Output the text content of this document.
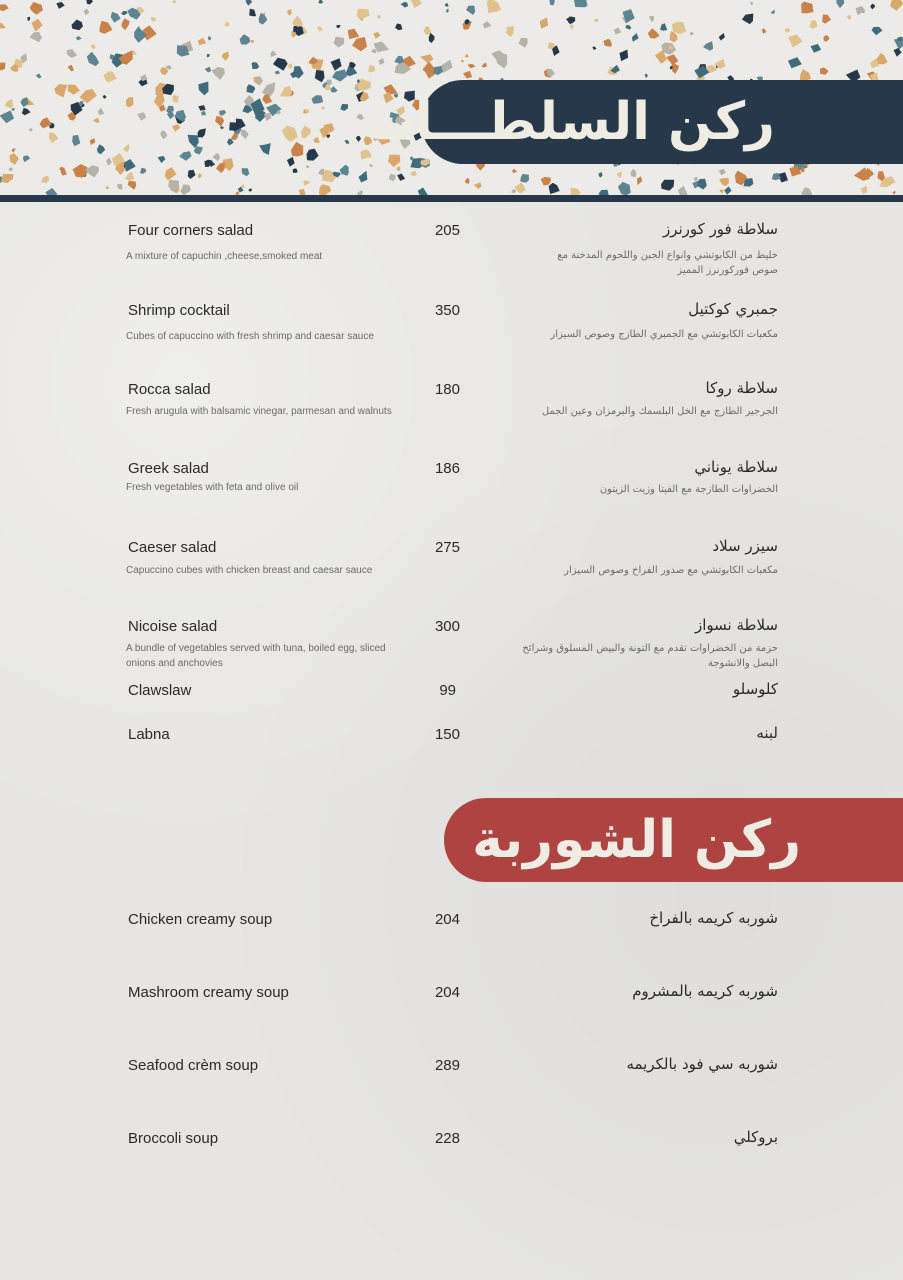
ركن السلطـــات
Four corners salad	205	سلاطة فور كورنرز
A mixture of capuchin ,cheese,smoked meat	خليط من الكابوتشي وانواع الجبن واللحوم المدخنة مع صوص فوركورنرز المميز
Shrimp cocktail	350	جمبري كوكتيل
Cubes of capuccino with fresh shrimp and caesar sauce	مكعبات الكابوتشي مع الجمبري الطازج وصوص السيزار
Rocca salad	180	سلاطة روكا
Fresh arugula with balsamic vinegar, parmesan and walnuts	الجرجير الطازج مع الخل البلسمك والبرمزان وعين الجمل
Greek salad	186	سلاطة يوناني
Fresh vegetables with feta and olive oil	الخضراوات الطازجة مع الفيتا وزيت الزيتون
Caeser salad	275	سيزر سلاد
Capuccino cubes with chicken breast and caesar sauce	مكعبات الكابوتشي مع صدور الفراخ وصوص السيزار
Nicoise salad	300	سلاطة نسواز
A bundle of vegetables served with tuna, boiled egg, sliced onions and anchovies
حزمة من الخضراوات تقدم مع التونة والبيض المسلوق وشرائح البصل والانشوجة
Clawslaw	99	كلوسلو
Labna	150	لبنه
ركن الشوربة
Chicken creamy soup	204	شوربه كريمه بالفراخ
Mashroom creamy soup	204	شوربه كريمه بالمشروم
Seafood crèm soup	289	شوربه سي فود بالكريمه
Broccoli soup	228	بروكلي
